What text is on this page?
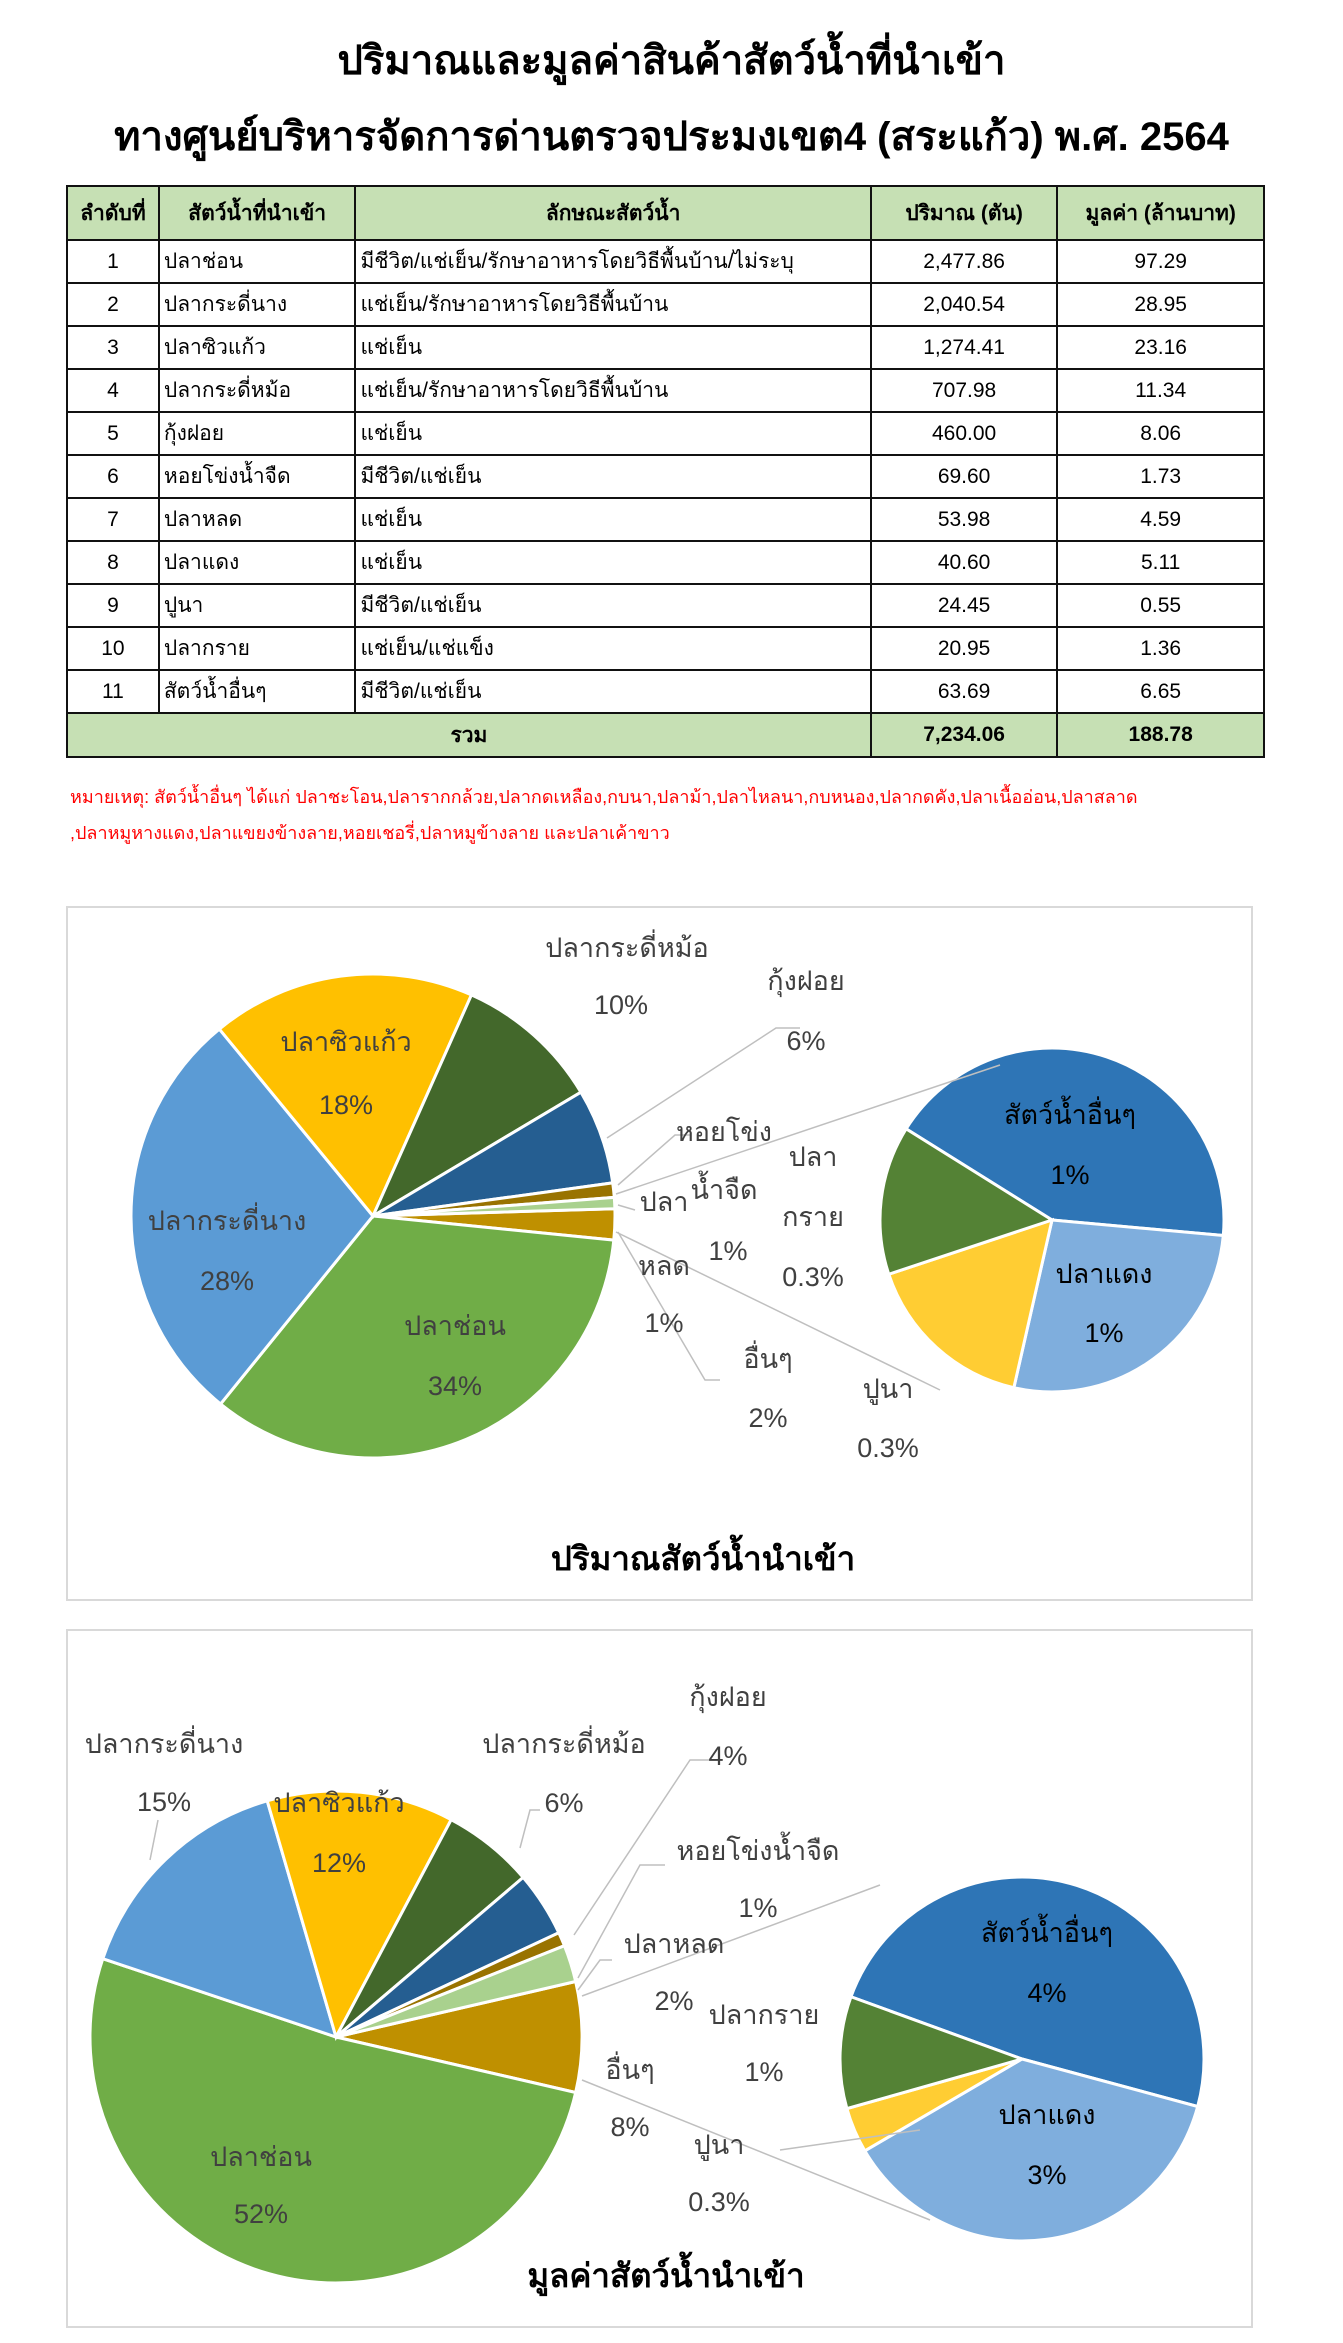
ปริมาณและมูลค่าสินค้าสัตว์น้ำที่นำเข้า
ทางศูนย์บริหารจัดการด่านตรวจประมงเขต4 (สระแก้ว) พ.ศ. 2564
ลำดับที่	สัตว์น้ำที่นำเข้า	ลักษณะสัตว์น้ำ	ปริมาณ (ตัน)	มูลค่า (ล้านบาท)
1	ปลาช่อน	มีชีวิต/แช่เย็น/รักษาอาหารโดยวิธีพื้นบ้าน/ไม่ระบุ	2,477.86	97.29
2	ปลากระดี่นาง	แช่เย็น/รักษาอาหารโดยวิธีพื้นบ้าน	2,040.54	28.95
3	ปลาซิวแก้ว	แช่เย็น	1,274.41	23.16
4	ปลากระดี่หม้อ	แช่เย็น/รักษาอาหารโดยวิธีพื้นบ้าน	707.98	11.34
5	กุ้งฝอย	แช่เย็น	460.00	8.06
6	หอยโข่งน้ำจืด	มีชีวิต/แช่เย็น	69.60	1.73
7	ปลาหลด	แช่เย็น	53.98	4.59
8	ปลาแดง	แช่เย็น	40.60	5.11
9	ปูนา	มีชีวิต/แช่เย็น	24.45	0.55
10	ปลากราย	แช่เย็น/แช่แข็ง	20.95	1.36
11	สัตว์น้ำอื่นๆ	มีชีวิต/แช่เย็น	63.69	6.65
รวม			7,234.06	188.78
หมายเหตุ: สัตว์น้ำอื่นๆ ได้แก่ ปลาชะโอน,ปลารากกล้วย,ปลากดเหลือง,กบนา,ปลาม้า,ปลาไหลนา,กบหนอง,ปลากดคัง,ปลาเนื้ออ่อน,ปลาสลาด
,ปลาหมูหางแดง,ปลาแขยงข้างลาย,หอยเชอรี่,ปลาหมูข้างลาย และปลาเค้าขาว
ปลาช่อน
34%
ปลากระดี่นาง
28%
ปลาซิวแก้ว
18%
ปลากระดี่หม้อ
10%
กุ้งฝอย
6%
หอยโข่ง
น้ำจืด
1%
ปลา
หลด
1%
อื่นๆ
2%
สัตว์น้ำอื่นๆ
1%
ปลาแดง
1%
ปูนา
0.3%
ปลา
กราย
0.3%
ปริมาณสัตว์น้ำนำเข้า
ปลาช่อน
52%
ปลากระดี่นาง
15%	ปลาซิวแก้ว
12%
ปลากระดี่หม้อ
6%
กุ้งฝอย
4%
หอยโข่งน้ำจืด
1%
ปลาหลด
2%
อื่นๆ
8%
สัตว์น้ำอื่นๆ
4%
ปลาแดง
3%
ปูนา
0.3%
ปลากราย
1%
มูลค่าสัตว์น้ำนำเข้า
